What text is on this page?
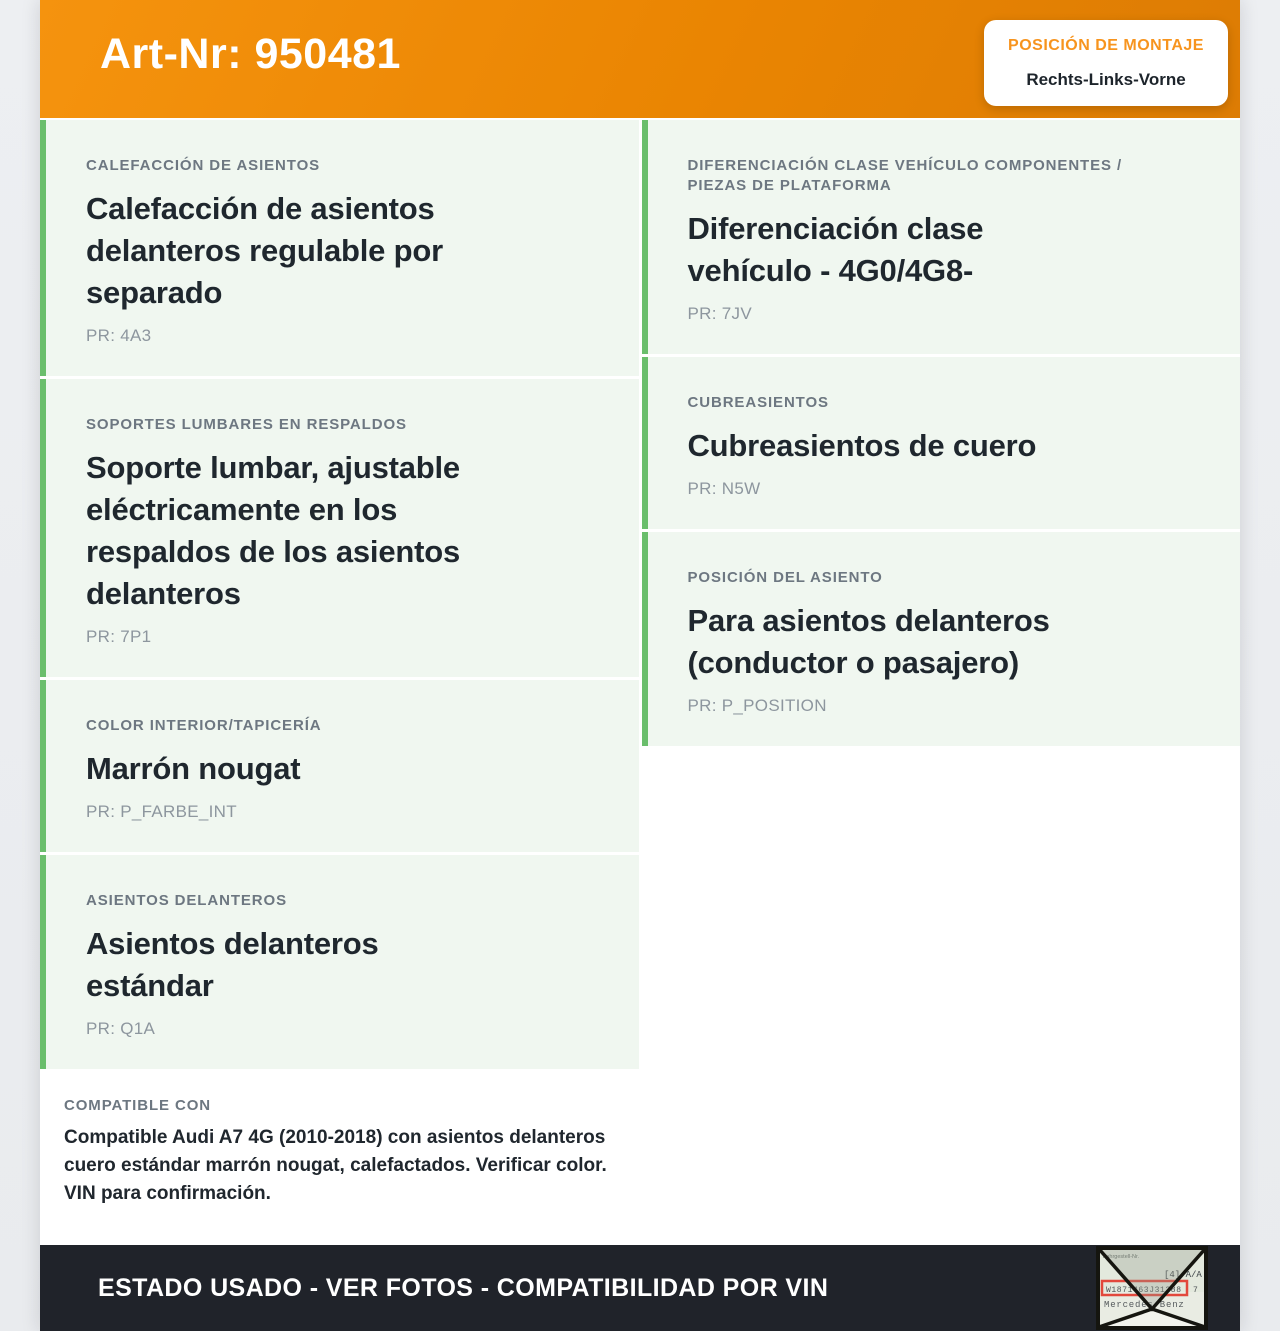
Art-Nr: 950481	POSICIÓN DE MONTAJE
Rechts-Links-Vorne
CALEFACCIÓN DE ASIENTOS
Calefacción de asientos delanteros regulable por separado
PR: 4A3
SOPORTES LUMBARES EN RESPALDOS
Soporte lumbar, ajustable eléctricamente en los respaldos de los asientos delanteros
PR: 7P1
COLOR INTERIOR/TAPICERÍA
Marrón nougat
PR: P_FARBE_INT
ASIENTOS DELANTEROS
Asientos delanteros estándar
PR: Q1A
COMPATIBLE CON
Compatible Audi A7 4G (2010-2018) con asientos delanteros cuero estándar marrón nougat, calefactados. Verificar color. VIN para confirmación.
DIFERENCIACIÓN CLASE VEHÍCULO COMPONENTES / PIEZAS DE PLATAFORMA
Diferenciación clase vehículo - 4G0/4G8-
PR: 7JV
CUBREASIENTOS
Cubreasientos de cuero
PR: N5W
POSICIÓN DEL ASIENTO
Para asientos delanteros (conductor o pasajero)
PR: P_POSITION
ESTADO USADO - VER FOTOS - COMPATIBILIDAD POR VIN
Fahrgestell-Nr.
[4] A/A
W1871463J31288 7
Mercedes-Benz
